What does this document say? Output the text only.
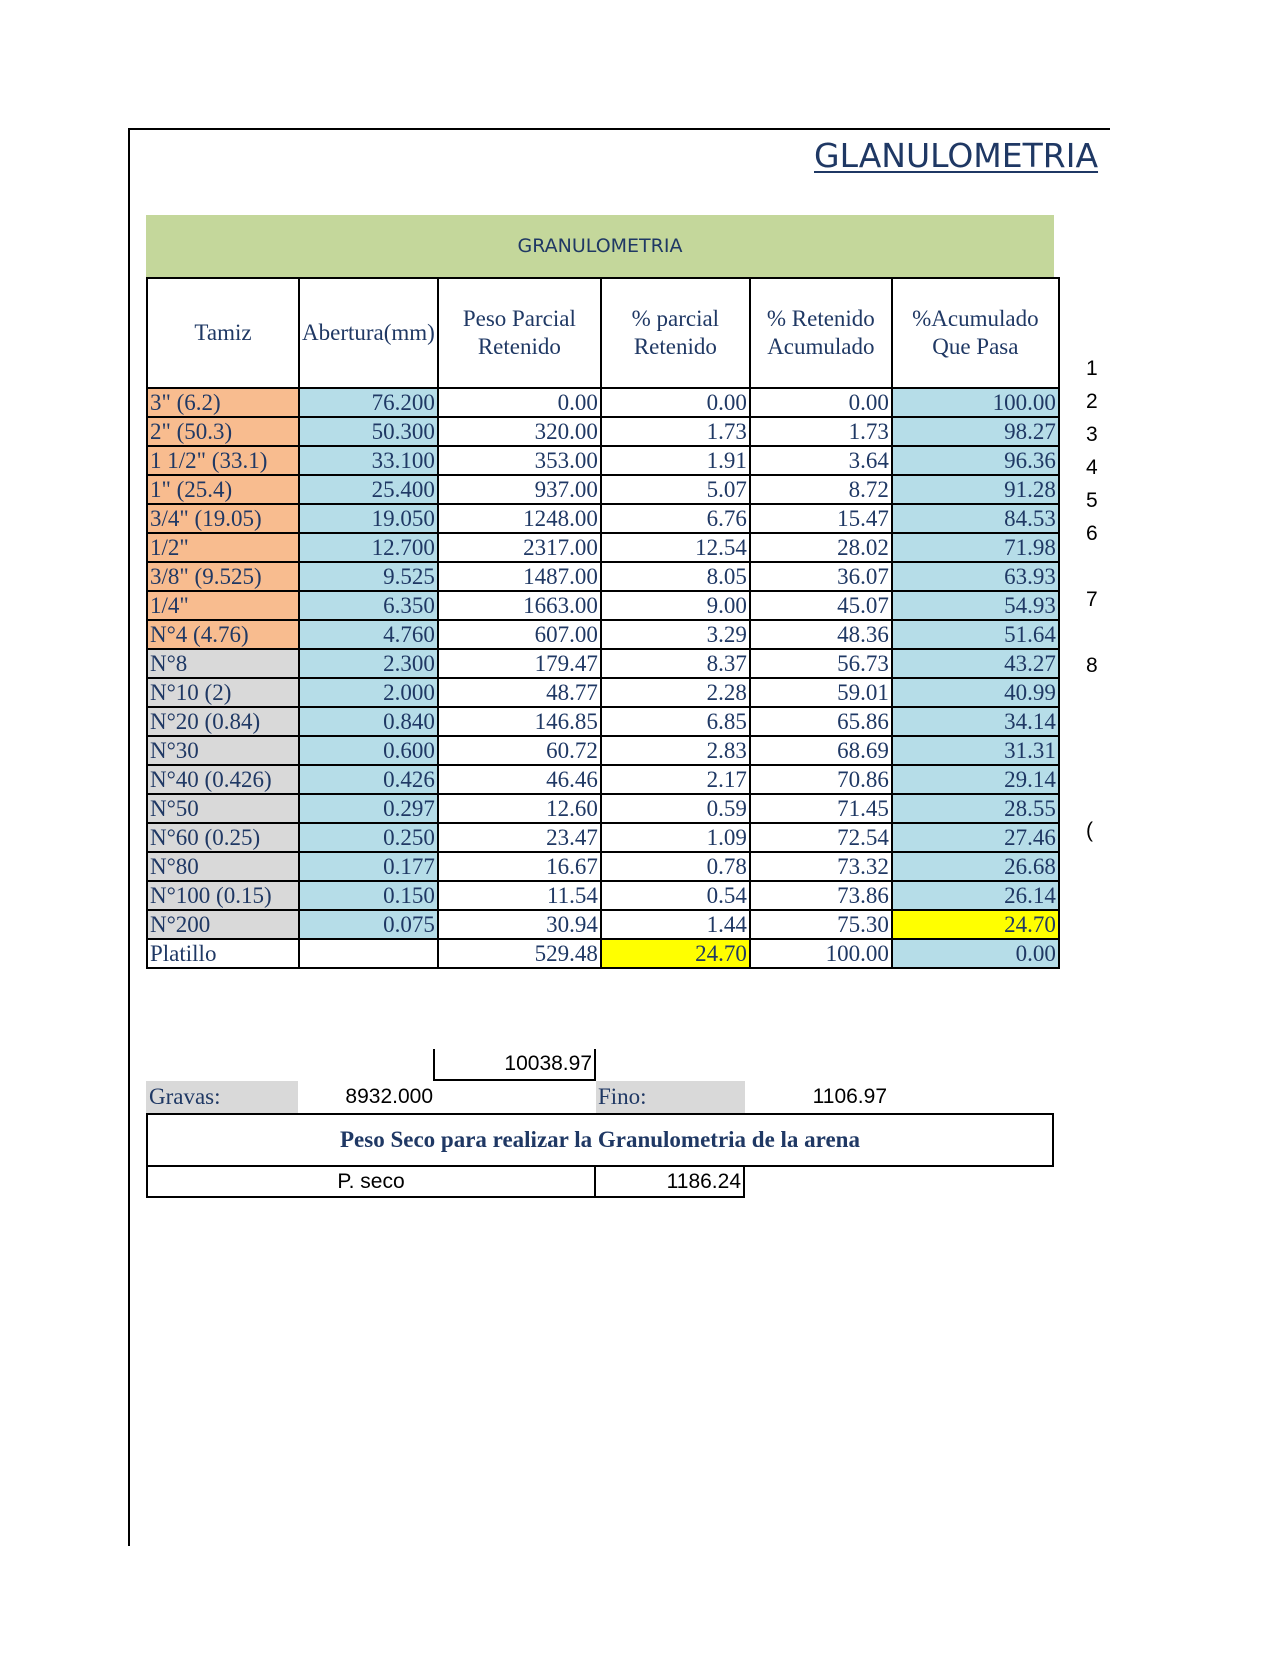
GLANULOMETRIA
GRANULOMETRIA
Tamiz	Abertura(mm)	Peso Parcial Retenido	% parcial Retenido	% Retenido Acumulado	%Acumulado Que Pasa
3" (6.2)	76.200	0.00	0.00	0.00	100.00
2" (50.3)	50.300	320.00	1.73	1.73	98.27
1 1/2" (33.1)	33.100	353.00	1.91	3.64	96.36
1" (25.4)	25.400	937.00	5.07	8.72	91.28
3/4" (19.05)	19.050	1248.00	6.76	15.47	84.53
1/2"	12.700	2317.00	12.54	28.02	71.98
3/8" (9.525)	9.525	1487.00	8.05	36.07	63.93
1/4"	6.350	1663.00	9.00	45.07	54.93
N°4 (4.76)	4.760	607.00	3.29	48.36	51.64
N°8	2.300	179.47	8.37	56.73	43.27
N°10 (2)	2.000	48.77	2.28	59.01	40.99
N°20 (0.84)	0.840	146.85	6.85	65.86	34.14
N°30	0.600	60.72	2.83	68.69	31.31
N°40 (0.426)	0.426	46.46	2.17	70.86	29.14
N°50	0.297	12.60	0.59	71.45	28.55
N°60 (0.25)	0.250	23.47	1.09	72.54	27.46
N°80	0.177	16.67	0.78	73.32	26.68
N°100 (0.15)	0.150	11.54	0.54	73.86	26.14
N°200	0.075	30.94	1.44	75.30	24.70
Platillo		529.48	24.70	100.00	0.00
10038.97
Gravas:	8932.000	Fino:	1106.97
Peso Seco para realizar la Granulometria de la arena
P. seco	1186.24
1
2
3
4
5
6
7
8
(
